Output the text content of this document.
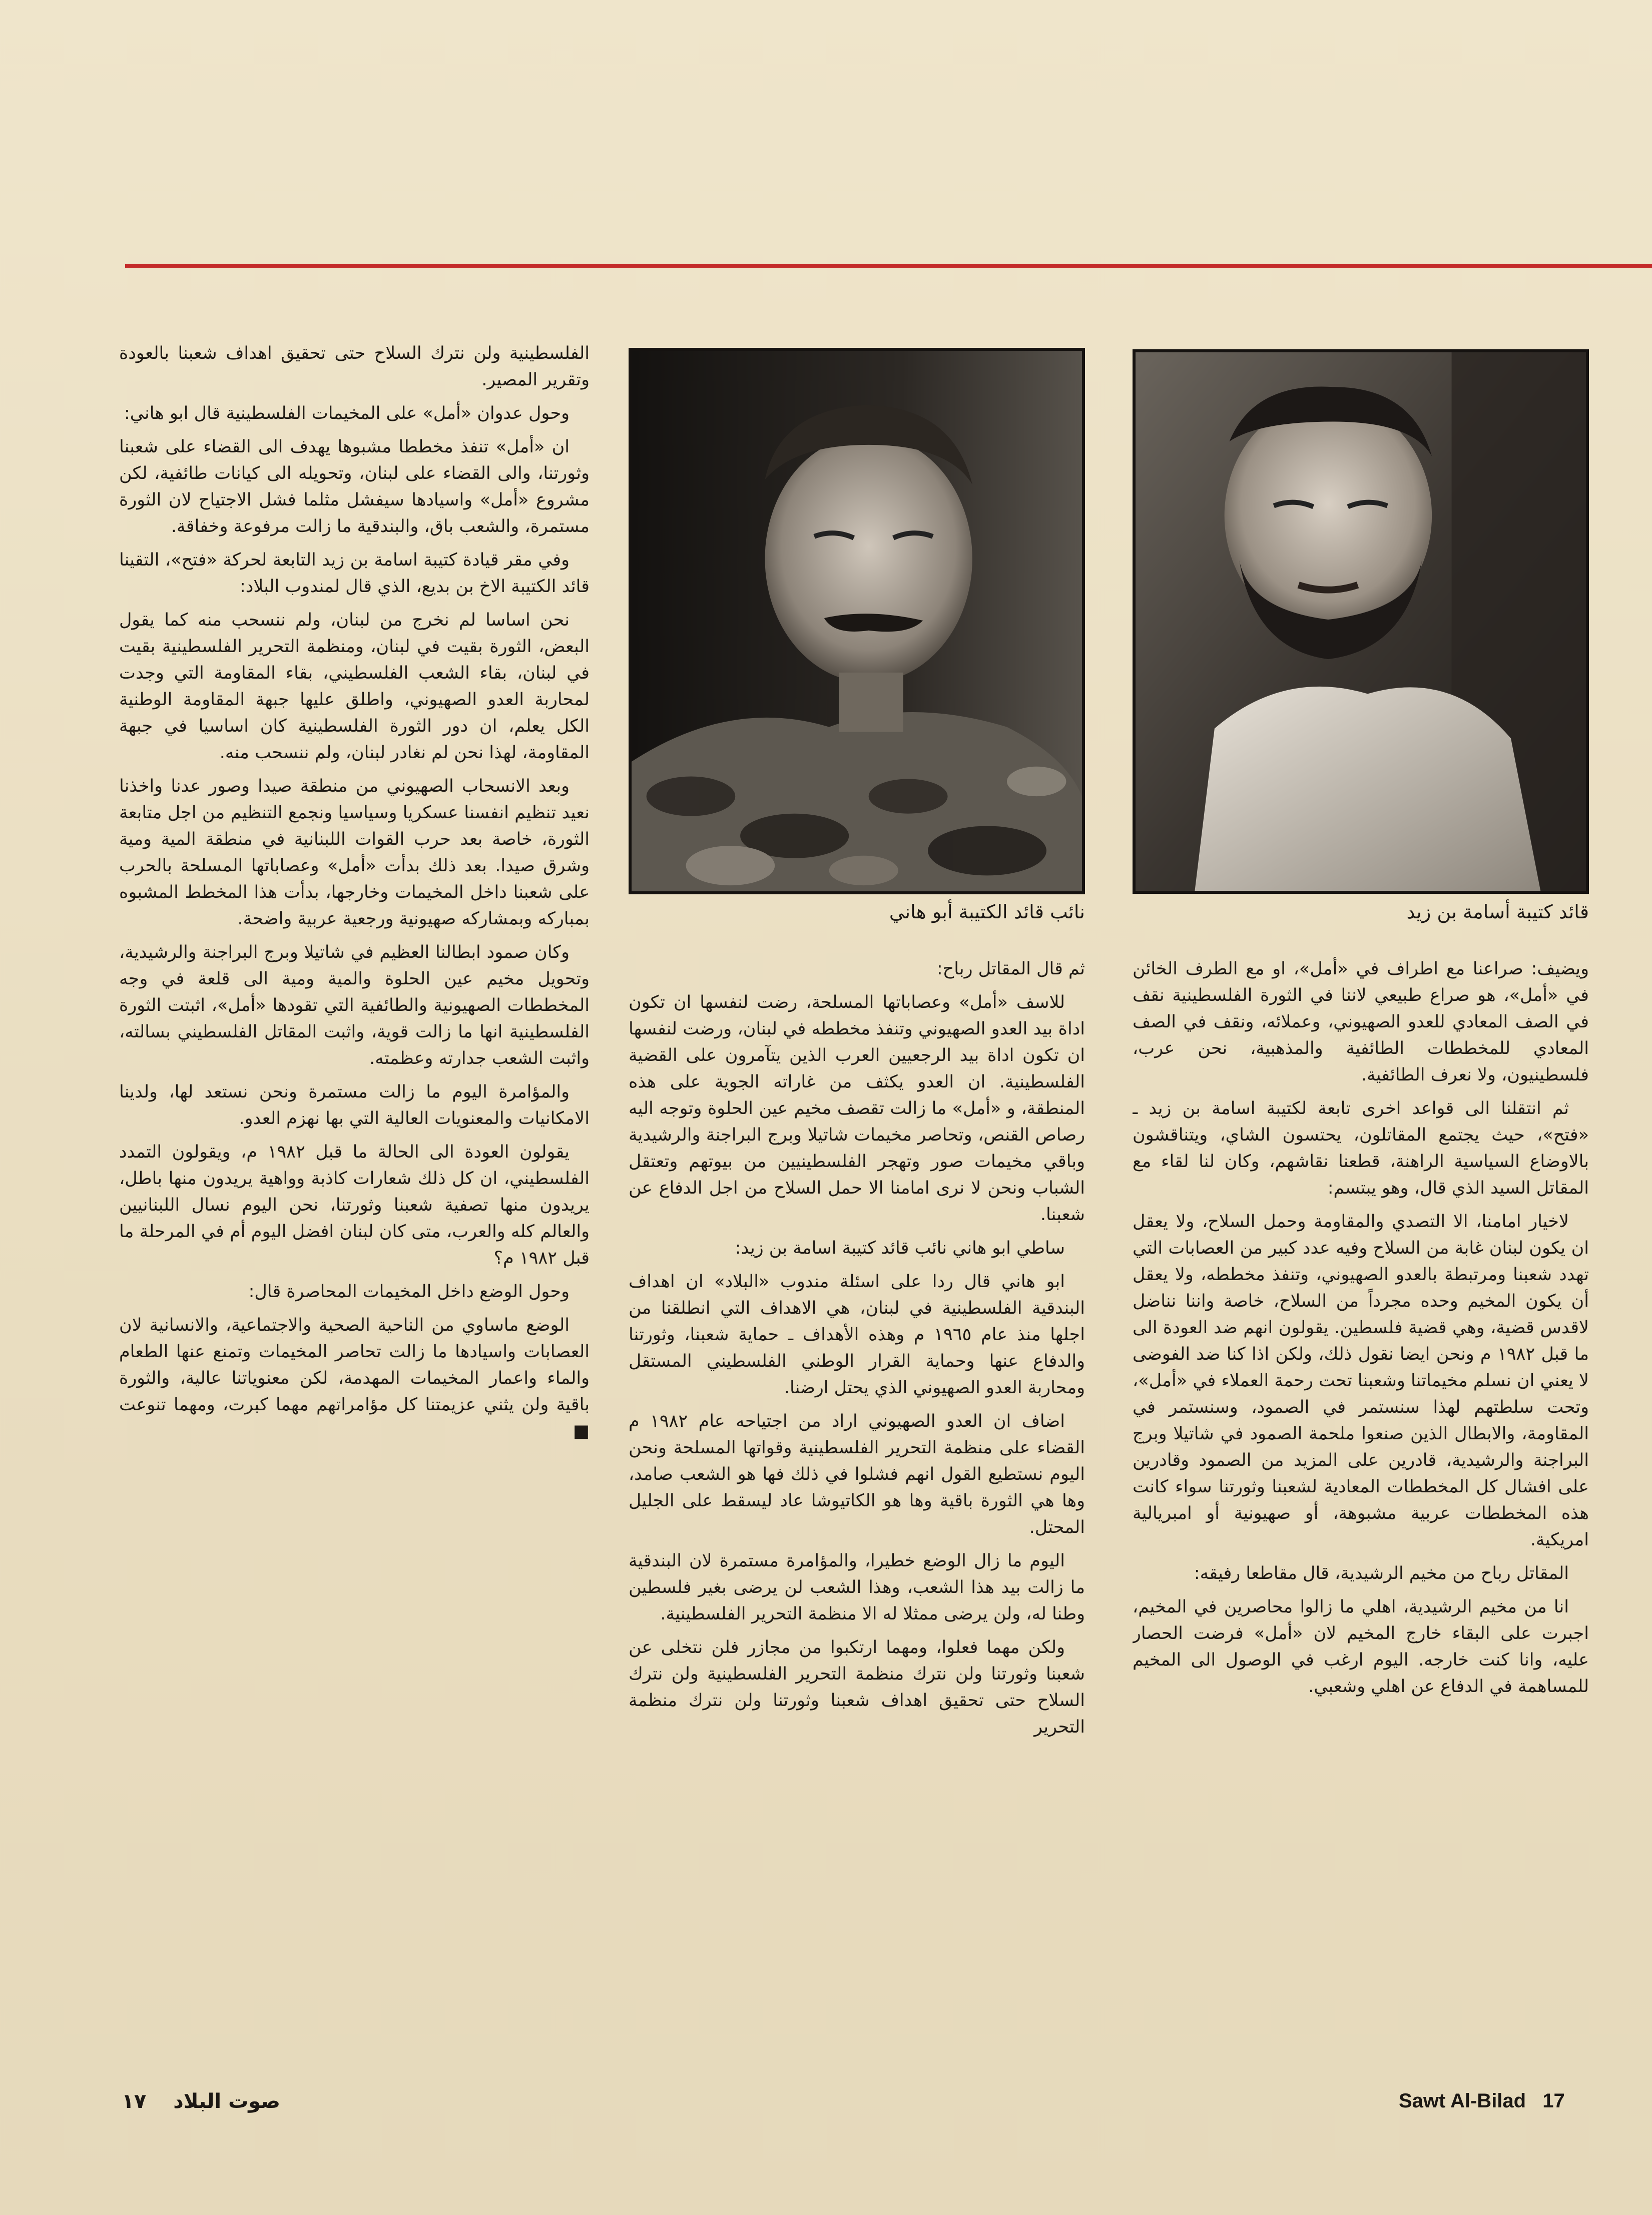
قائد كتيبة أسامة بن زيد
نائب قائد الكتيبة أبو هاني

الفلسطينية ولن نترك السلاح حتى تحقيق اهداف شعبنا بالعودة وتقرير المصير.

وحول عدوان «أمل» على المخيمات الفلسطينية قال ابو هاني:

ان «أمل» تنفذ مخططا مشبوها يهدف الى القضاء على شعبنا وثورتنا، والى القضاء على لبنان، وتحويله الى كيانات طائفية، لكن مشروع «أمل» واسيادها سيفشل مثلما فشل الاجتياح لان الثورة مستمرة، والشعب باق، والبندقية ما زالت مرفوعة وخفاقة.

وفي مقر قيادة كتيبة اسامة بن زيد التابعة لحركة «فتح»، التقينا قائد الكتيبة الاخ بن بديع، الذي قال لمندوب البلاد:

نحن اساسا لم نخرج من لبنان، ولم ننسحب منه كما يقول البعض، الثورة بقيت في لبنان، ومنظمة التحرير الفلسطينية بقيت في لبنان، بقاء الشعب الفلسطيني، بقاء المقاومة التي وجدت لمحاربة العدو الصهيوني، واطلق عليها جبهة المقاومة الوطنية الكل يعلم، ان دور الثورة الفلسطينية كان اساسيا في جبهة المقاومة، لهذا نحن لم نغادر لبنان، ولم ننسحب منه.

وبعد الانسحاب الصهيوني من منطقة صيدا وصور عدنا واخذنا نعيد تنظيم انفسنا عسكريا وسياسيا ونجمع التنظيم من اجل متابعة الثورة، خاصة بعد حرب القوات اللبنانية في منطقة المية ومية وشرق صيدا. بعد ذلك بدأت «أمل» وعصاباتها المسلحة بالحرب على شعبنا داخل المخيمات وخارجها، بدأت هذا المخطط المشبوه بمباركه وبمشاركه صهيونية ورجعية عربية واضحة.

وكان صمود ابطالنا العظيم في شاتيلا وبرج البراجنة والرشيدية، وتحويل مخيم عين الحلوة والمية ومية الى قلعة في وجه المخططات الصهيونية والطائفية التي تقودها «أمل»، اثبتت الثورة الفلسطينية انها ما زالت قوية، واثبت المقاتل الفلسطيني بسالته، واثبت الشعب جدارته وعظمته.

والمؤامرة اليوم ما زالت مستمرة ونحن نستعد لها، ولدينا الامكانيات والمعنويات العالية التي بها نهزم العدو.

يقولون العودة الى الحالة ما قبل ١٩٨٢ م، ويقولون التمدد الفلسطيني، ان كل ذلك شعارات كاذبة وواهية يريدون منها باطل، يريدون منها تصفية شعبنا وثورتنا، نحن اليوم نسال اللبنانيين والعالم كله والعرب، متى كان لبنان افضل اليوم أم في المرحلة ما قبل ١٩٨٢ م؟

وحول الوضع داخل المخيمات المحاصرة قال:

الوضع ماساوي من الناحية الصحية والاجتماعية، والانسانية لان العصابات واسيادها ما زالت تحاصر المخيمات وتمنع عنها الطعام والماء واعمار المخيمات المهدمة، لكن معنوياتنا عالية، والثورة باقية ولن يثني عزيمتنا كل مؤامراتهم مهما كبرت، ومهما تنوعت ■

ثم قال المقاتل رباح:

للاسف «أمل» وعصاباتها المسلحة، رضت لنفسها ان تكون اداة بيد العدو الصهيوني وتنفذ مخططه في لبنان، ورضت لنفسها ان تكون اداة بيد الرجعيين العرب الذين يتآمرون على القضية الفلسطينية. ان العدو يكثف من غاراته الجوية على هذه المنطقة، و «أمل» ما زالت تقصف مخيم عين الحلوة وتوجه اليه رصاص القنص، وتحاصر مخيمات شاتيلا وبرج البراجنة والرشيدية وباقي مخيمات صور وتهجر الفلسطينيين من بيوتهم وتعتقل الشباب ونحن لا نرى امامنا الا حمل السلاح من اجل الدفاع عن شعبنا.

ساطي ابو هاني نائب قائد كتيبة اسامة بن زيد:

ابو هاني قال ردا على اسئلة مندوب «البلاد» ان اهداف البندقية الفلسطينية في لبنان، هي الاهداف التي انطلقنا من اجلها منذ عام ١٩٦٥ م وهذه الأهداف ـ حماية شعبنا، وثورتنا والدفاع عنها وحماية القرار الوطني الفلسطيني المستقل ومحاربة العدو الصهيوني الذي يحتل ارضنا.

اضاف ان العدو الصهيوني اراد من اجتياحه عام ١٩٨٢ م القضاء على منظمة التحرير الفلسطينية وقواتها المسلحة ونحن اليوم نستطيع القول انهم فشلوا في ذلك فها هو الشعب صامد، وها هي الثورة باقية وها هو الكاتيوشا عاد ليسقط على الجليل المحتل.

اليوم ما زال الوضع خطيرا، والمؤامرة مستمرة لان البندقية ما زالت بيد هذا الشعب، وهذا الشعب لن يرضى بغير فلسطين وطنا له، ولن يرضى ممثلا له الا منظمة التحرير الفلسطينية.

ولكن مهما فعلوا، ومهما ارتكبوا من مجازر فلن نتخلى عن شعبنا وثورتنا ولن نترك منظمة التحرير الفلسطينية ولن نترك السلاح حتى تحقيق اهداف شعبنا وثورتنا ولن نترك منظمة التحرير

ويضيف: صراعنا مع اطراف في «أمل»، او مع الطرف الخائن في «أمل»، هو صراع طبيعي لاننا في الثورة الفلسطينية نقف في الصف المعادي للعدو الصهيوني، وعملائه، ونقف في الصف المعادي للمخططات الطائفية والمذهبية، نحن عرب، فلسطينيون، ولا نعرف الطائفية.

ثم انتقلنا الى قواعد اخرى تابعة لكتيبة اسامة بن زيد ـ «فتح»، حيث يجتمع المقاتلون، يحتسون الشاي، ويتناقشون بالاوضاع السياسية الراهنة، قطعنا نقاشهم، وكان لنا لقاء مع المقاتل السيد الذي قال، وهو يبتسم:

لاخيار امامنا، الا التصدي والمقاومة وحمل السلاح، ولا يعقل ان يكون لبنان غابة من السلاح وفيه عدد كبير من العصابات التي تهدد شعبنا ومرتبطة بالعدو الصهيوني، وتنفذ مخططه، ولا يعقل أن يكون المخيم وحده مجرداً من السلاح، خاصة واننا نناضل لاقدس قضية، وهي قضية فلسطين. يقولون انهم ضد العودة الى ما قبل ١٩٨٢ م ونحن ايضا نقول ذلك، ولكن اذا كنا ضد الفوضى لا يعني ان نسلم مخيماتنا وشعبنا تحت رحمة العملاء في «أمل»، وتحت سلطتهم لهذا سنستمر في الصمود، وسنستمر في المقاومة، والابطال الذين صنعوا ملحمة الصمود في شاتيلا وبرج البراجنة والرشيدية، قادرين على المزيد من الصمود وقادرين على افشال كل المخططات المعادية لشعبنا وثورتنا سواء كانت هذه المخططات عربية مشبوهة، أو صهيونية أو امبريالية امريكية.

المقاتل رباح من مخيم الرشيدية، قال مقاطعا رفيقه:

انا من مخيم الرشيدية، اهلي ما زالوا محاصرين في المخيم، اجبرت على البقاء خارج المخيم لان «أمل» فرضت الحصار عليه، وانا كنت خارجه. اليوم ارغب في الوصول الى المخيم للمساهمة في الدفاع عن اهلي وشعبي.

Sawt Al-Bilad 17
صوت البلاد ١٧
